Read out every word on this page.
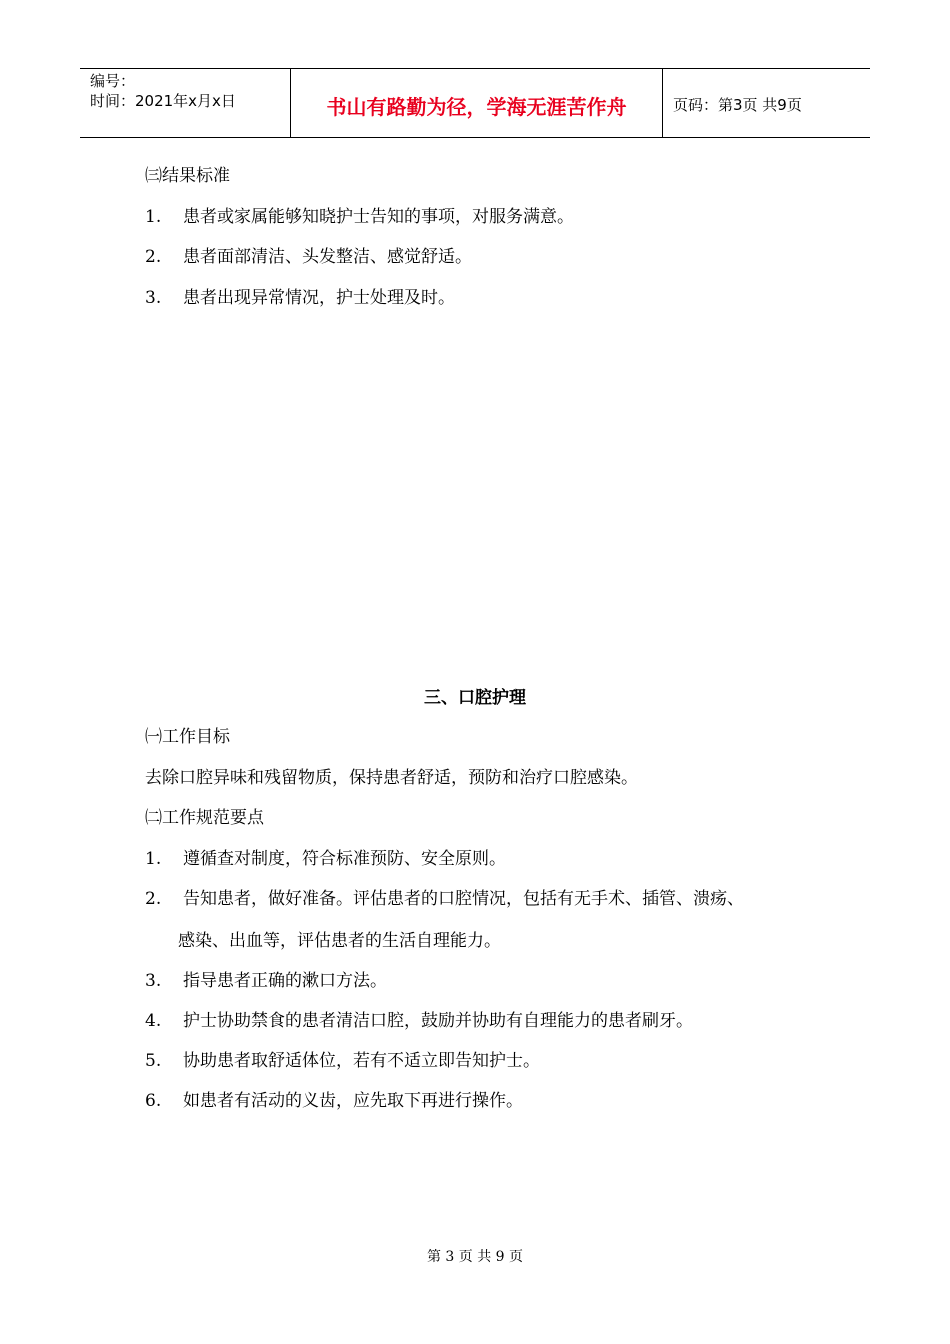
编号：
时间：2021年x月x日	书山有路勤为径，学海无涯苦作舟	页码：第3页 共9页
㈢结果标准
1. 患者或家属能够知晓护士告知的事项，对服务满意。
2. 患者面部清洁、头发整洁、感觉舒适。
3. 患者出现异常情况，护士处理及时。
三、口腔护理
㈠工作目标
去除口腔异味和残留物质，保持患者舒适，预防和治疗口腔感染。
㈡工作规范要点
1. 遵循查对制度，符合标准预防、安全原则。
2. 告知患者，做好准备。评估患者的口腔情况，包括有无手术、插管、溃疡、
感染、出血等，评估患者的生活自理能力。
3. 指导患者正确的漱口方法。
4. 护士协助禁食的患者清洁口腔，鼓励并协助有自理能力的患者刷牙。
5. 协助患者取舒适体位，若有不适立即告知护士。
6. 如患者有活动的义齿，应先取下再进行操作。
第 3 页 共 9 页
